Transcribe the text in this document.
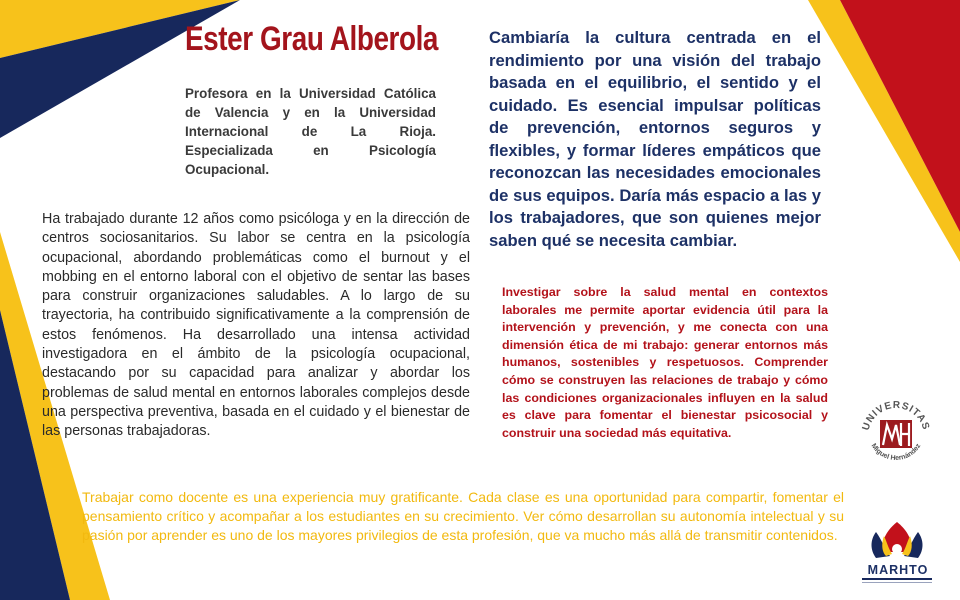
Ester Grau Alberola
Profesora en la Universidad Católica de Valencia y en la Universidad Internacional de La Rioja. Especializada en Psicología Ocupacional.
Ha trabajado durante 12 años como psicóloga y en la dirección de centros sociosanitarios. Su labor se centra en la psicología ocupacional, abordando problemáticas como el burnout y el mobbing en el entorno laboral con el objetivo de sentar las bases para construir organizaciones saludables. A lo largo de su trayectoria, ha contribuido significativamente a la comprensión de estos fenómenos. Ha desarrollado una intensa actividad investigadora en el ámbito de la psicología ocupacional, destacando por su capacidad para analizar y abordar los problemas de salud mental en entornos laborales complejos desde una perspectiva preventiva, basada en el cuidado y el bienestar de las personas trabajadoras.
Cambiaría la cultura centrada en el rendimiento por una visión del trabajo basada en el equilibrio, el sentido y el cuidado. Es esencial impulsar políticas de prevención, entornos seguros y flexibles, y formar líderes empáticos que reconozcan las necesidades emocionales de sus equipos. Daría más espacio a las y los trabajadores, que son quienes mejor saben qué se necesita cambiar.
Investigar sobre la salud mental en contextos laborales me permite aportar evidencia útil para la intervención y prevención, y me conecta con una dimensión ética de mi trabajo: generar entornos más humanos, sostenibles y respetuosos. Comprender cómo se construyen las relaciones de trabajo y cómo las condiciones organizacionales influyen en la salud es clave para fomentar el bienestar psicosocial y construir una sociedad más equitativa.
Trabajar como docente es una experiencia muy gratificante. Cada clase es una oportunidad para compartir, fomentar el pensamiento crítico y acompañar a los estudiantes en su crecimiento. Ver cómo desarrollan su autonomía intelectual y su pasión por aprender es uno de los mayores privilegios de esta profesión, que va mucho más allá de transmitir contenidos.
UNIVERSITAS
Miguel Hernández
MARHTO
